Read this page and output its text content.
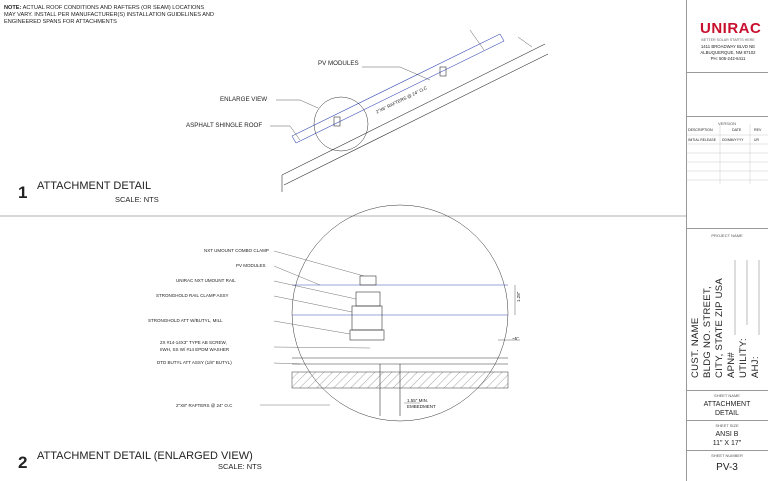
NOTE: ACTUAL ROOF CONDITIONS AND RAFTERS (OR SEAM) LOCATIONS MAY VARY. INSTALL PER MANUFACTURER(S) INSTALLATION GUIDELINES AND ENGINEERED SPANS FOR ATTACHMENTS
PV MODULES
ENLARGE VIEW
ASPHALT SHINGLE ROOF
2"X6" RAFTERS @ 24" O.C
1 ATTACHMENT DETAIL
SCALE: NTS
NXT UMOUNT COMBO CLAMP
PV MODULES
UNIRAC NXT UMOUNT RAIL
STRONGHOLD RAIL CLAMP ASSY
STRONGHOLD ATT W/BUTYL, MILL
2X #14-14X3" TYPE AB SCREW,
IIWH, SS W/ #14 EPDM WASHER
DTD BUTYL ATT ASSY (1/8" BUTYL)
2"X8" RAFTERS @ 24" O.C
1.55" MIN.
EMBEDMENT
1.28"
~5"
2 ATTACHMENT DETAIL (ENLARGED VIEW)
SCALE: NTS
UNIRAC
BETTER SOLAR STARTS HERE
1411 BROADWAY BLVD NE
ALBUQUERQUE, NM 87102
PH: 505-242-6411
VERSION
DESCRIPTION	DATE	REV
INITIAL RELEASE DD/MM/YYYY	UR
PROJECT NAME
CUST. NAME BLDG NO. STREET, CITY, STATE ZIP USA APN# UTILITY: AHJ:
SHEET NAME
ATTACHMENT
DETAIL
SHEET SIZE
ANSI B
11" X 17"
SHEET NUMBER
PV-3
